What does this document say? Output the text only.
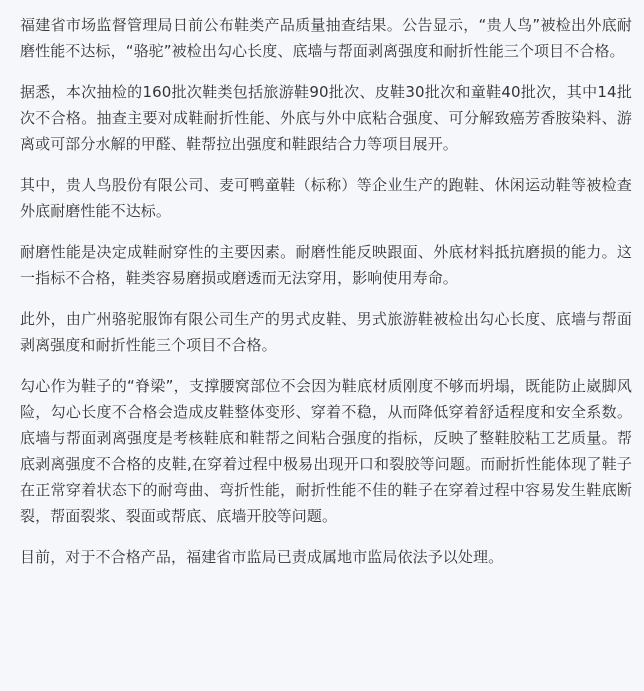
福建省市场监督管理局日前公布鞋类产品质量抽查结果。公告显示，“贵人鸟”被检出外底耐磨性能不达标，“骆驼”被检出勾心长度、底墙与帮面剥离强度和耐折性能三个项目不合格。

据悉，本次抽检的160批次鞋类包括旅游鞋90批次、皮鞋30批次和童鞋40批次，其中14批次不合格。抽查主要对成鞋耐折性能、外底与外中底粘合强度、可分解致癌芳香胺染料、游离或可部分水解的甲醛、鞋帮拉出强度和鞋跟结合力等项目展开。

其中，贵人鸟股份有限公司、麦可鸭童鞋（标称）等企业生产的跑鞋、休闲运动鞋等被检查外底耐磨性能不达标。

耐磨性能是决定成鞋耐穿性的主要因素。耐磨性能反映跟面、外底材料抵抗磨损的能力。这一指标不合格，鞋类容易磨损或磨透而无法穿用，影响使用寿命。

此外，由广州骆驼服饰有限公司生产的男式皮鞋、男式旅游鞋被检出勾心长度、底墙与帮面剥离强度和耐折性能三个项目不合格。

勾心作为鞋子的“脊梁”，支撑腰窝部位不会因为鞋底材质刚度不够而坍塌，既能防止崴脚风险，勾心长度不合格会造成皮鞋整体变形、穿着不稳，从而降低穿着舒适程度和安全系数。底墙与帮面剥离强度是考核鞋底和鞋帮之间粘合强度的指标，反映了整鞋胶粘工艺质量。帮底剥离强度不合格的皮鞋,在穿着过程中极易出现开口和裂胶等问题。而耐折性能体现了鞋子在正常穿着状态下的耐弯曲、弯折性能，耐折性能不佳的鞋子在穿着过程中容易发生鞋底断裂，帮面裂浆、裂面或帮底、底墙开胶等问题。

目前，对于不合格产品，福建省市监局已责成属地市监局依法予以处理。
